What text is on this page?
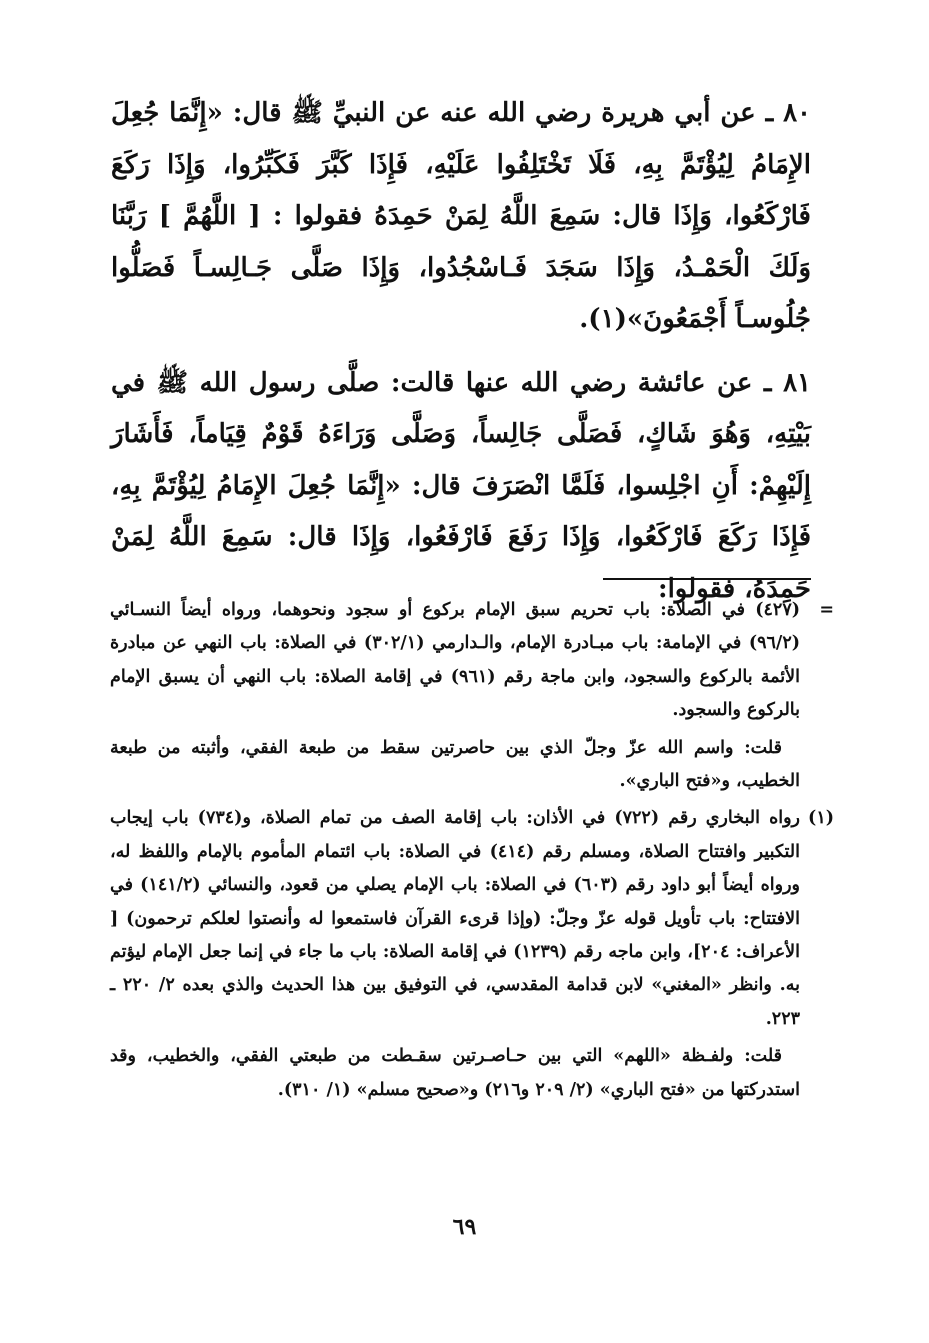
٨٠ ـ عن أبي هريرة رضي الله عنه عن النبيِّ ﷺ قال: «إِنَّمَا جُعِلَ الإِمَامُ لِيُؤْتَمَّ بِهِ، فَلَا تَخْتَلِفُوا عَلَيْهِ، فَإِذَا كَبَّرَ فَكَبِّرُوا، وَإِذَا رَكَعَ فَارْكَعُوا، وَإِذَا قال: سَمِعَ اللَّهُ لِمَنْ حَمِدَهُ فقولوا : [ اللَّهُمَّ ] رَبَّنَا وَلَكَ الْحَمْـدُ، وَإِذَا سَجَدَ فَـاسْجُدُوا، وَإِذَا صَلَّى جَـالِسـاً فَصَلُّوا جُلُوسـاً أَجْمَعُونَ»(١).

٨١ ـ عن عائشة رضي الله عنها قالت: صلَّى رسول الله ﷺ في بَيْتِهِ، وَهُوَ شَاكٍ، فَصَلَّى جَالِساً، وَصَلَّى وَرَاءَهُ قَوْمٌ قِيَاماً، فَأَشَارَ إِلَيْهِمْ: أَنِ اجْلِسوا، فَلَمَّا انْصَرَفَ قال: «إِنَّمَا جُعِلَ الإِمَامُ لِيُؤْتَمَّ بِهِ، فَإِذَا رَكَعَ فَارْكَعُوا، وَإِذَا رَفَعَ فَارْفَعُوا، وَإِذَا قال: سَمِعَ اللَّهُ لِمَنْ حَمِدَهُ، فقولوا:

=
(٤٢٧) في الصلاة: باب تحريم سبق الإمام بركوع أو سجود ونحوهما، ورواه أيضاً النسـائي (٩٦/٢) في الإمامة: باب مبـادرة الإمام، والـدارمي (٣٠٢/١) في الصلاة: باب النهي عن مبادرة الأئمة بالركوع والسجود، وابن ماجة رقم (٩٦١) في إقامة الصلاة: باب النهي أن يسبق الإمام بالركوع والسجود.

قلت: واسم الله عزّ وجلّ الذي بين حاصرتين سقط من طبعة الفقي، وأثبته من طبعة الخطيب، و«فتح الباري».

(١)
رواه البخاري رقم (٧٢٢) في الأذان: باب إقامة الصف من تمام الصلاة، و(٧٣٤) باب إيجاب التكبير وافتتاح الصلاة، ومسلم رقم (٤١٤) في الصلاة: باب ائتمام المأموم بالإمام واللفظ له، ورواه أيضاً أبو داود رقم (٦٠٣) في الصلاة: باب الإمام يصلي من قعود، والنسائي (١٤١/٢) في الافتتاح: باب تأويل قوله عزّ وجلّ: (وإذا قرىء القرآن فاستمعوا له وأنصتوا لعلكم ترحمون) [ الأعراف: ٢٠٤]، وابن ماجه رقم (١٢٣٩) في إقامة الصلاة: باب ما جاء في إنما جعل الإمام ليؤتم به. وانظر «المغني» لابن قدامة المقدسي، في التوفيق بين هذا الحديث والذي بعده ٢/ ٢٢٠ ـ ٢٢٣.

قلت: ولفـظة «اللهم» التي بين حـاصـرتين سقـطت من طبعتي الفقي، والخطيب، وقد استدركتها من «فتح الباري» (٢/ ٢٠٩ و٢١٦) و«صحيح مسلم» (١/ ٣١٠).

٦٩
